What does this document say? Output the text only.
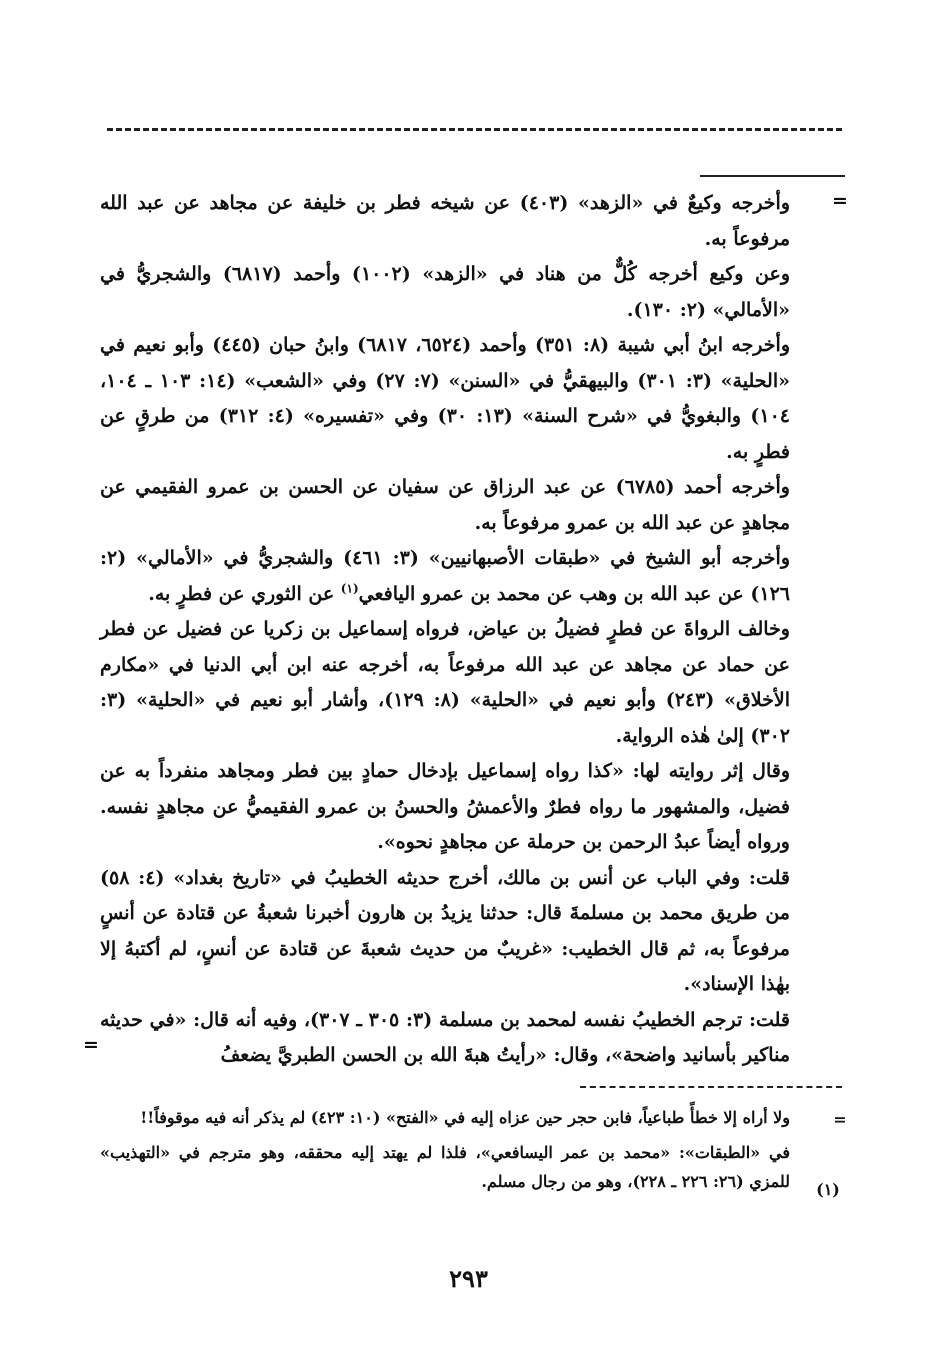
=

وأخرجه وكيعٌ في «الزهد» (٤٠٣) عن شيخه فطر بن خليفة عن مجاهد عن عبد الله مرفوعاً به.

وعن وكيع أخرجه كُلٌّ من هناد في «الزهد» (١٠٠٢) وأحمد (٦٨١٧) والشجريُّ في «الأمالي» (٢: ١٣٠).

وأخرجه ابنُ أبي شيبة (٨: ٣٥١) وأحمد (٦٥٢٤، ٦٨١٧) وابنُ حبان (٤٤٥) وأبو نعيم في «الحلية» (٣: ٣٠١) والبيهقيُّ في «السنن» (٧: ٢٧) وفي «الشعب» (١٤: ١٠٣ ـ ١٠٤، ١٠٤) والبغويُّ في «شرح السنة» (١٣: ٣٠) وفي «تفسيره» (٤: ٣١٢) من طرقٍ عن فطرٍ به.

وأخرجه أحمد (٦٧٨٥) عن عبد الرزاق عن سفيان عن الحسن بن عمرو الفقيمي عن مجاهدٍ عن عبد الله بن عمرو مرفوعاً به.

وأخرجه أبو الشيخ في «طبقات الأصبهانيين» (٣: ٤٦١) والشجريُّ في «الأمالي» (٢: ١٢٦) عن عبد الله بن وهب عن محمد بن عمرو اليافعي$^{(١)}$ عن الثوري عن فطرٍ به.

وخالف الرواةَ عن فطرٍ فضيلُ بن عياض، فرواه إسماعيل بن زكريا عن فضيل عن فطر عن حماد عن مجاهد عن عبد الله مرفوعاً به، أخرجه عنه ابن أبي الدنيا في «مكارم الأخلاق» (٢٤٣) وأبو نعيم في «الحلية» (٨: ١٢٩)، وأشار أبو نعيم في «الحلية» (٣: ٣٠٢) إلىٰ هٰذه الرواية.

وقال إثر روايته لها: «كذا رواه إسماعيل بإدخال حمادٍ بين فطر ومجاهد منفرداً به عن فضيل، والمشهور ما رواه فطرٌ والأعمشُ والحسنُ بن عمرو الفقيميُّ عن مجاهدٍ نفسه. ورواه أيضاً عبدُ الرحمن بن حرملة عن مجاهدٍ نحوه».

قلت: وفي الباب عن أنس بن مالك، أخرج حديثه الخطيبُ في «تاريخ بغداد» (٤: ٥٨) من طريق محمد بن مسلمةَ قال: حدثنا يزيدُ بن هارون أخبرنا شعبةُ عن قتادة عن أنسٍ مرفوعاً به، ثم قال الخطيب: «غريبٌ من حديث شعبةَ عن قتادة عن أنسٍ، لم أكتبهُ إلا بهٰذا الإسناد».

قلت: ترجم الخطيبُ نفسه لمحمد بن مسلمة (٣: ٣٠٥ ـ ٣٠٧)، وفيه أنه قال: «في حديثه مناكير بأسانيد واضحة»، وقال: «رأيتُ هبةَ الله بن الحسن الطبريَّ يضعفُ

=
=
(١)

ولا أراه إلا خطأً طباعياً، فابن حجر حين عزاه إليه في «الفتح» (١٠: ٤٢٣) لم يذكر أنه فيه موقوفاً!!

في «الطبقات»: «محمد بن عمر اليسافعي»، فلذا لم يهتد إليه محققه، وهو مترجم في «التهذيب» للمزي (٢٦: ٢٢٦ ـ ٢٢٨)، وهو من رجال مسلم.

٢٩٣
